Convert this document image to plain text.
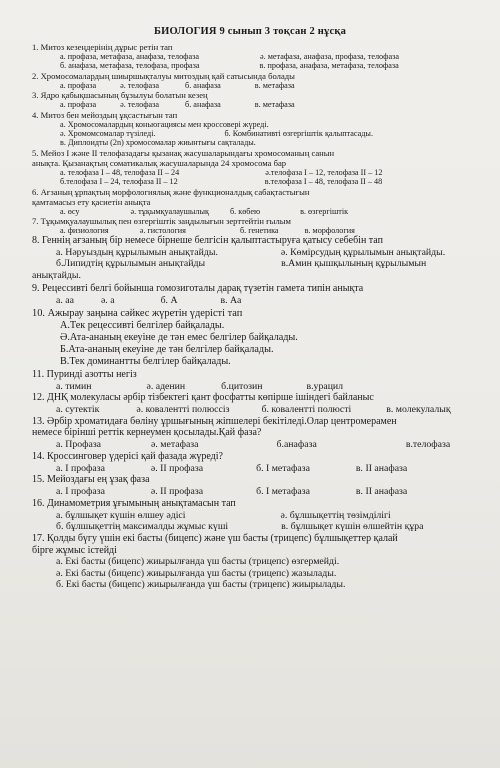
БИОЛОГИЯ 9 сынып 3 тоқсан 2 нұсқа
1. Митоз кезеңдерінің дұрыс ретін тап
а. профаза, метафаза, анафаза, телофаза	ә. метафаза, анафаза, профаза, телофаза
б. анафаза, метафаза, телофаза, профаза	в. профаза, анафаза, метафаза, телофаза
2. Хромосомалардың шиыршықталуы митоздың қай сатысында болады
а. профаза	ә. телофаза	б. анафаза	в. метафаза
3. Ядро қабықшасының бұзылуы болатын кезең
а. профаза	ә. телофаза	б. анафаза	в. метафаза
4. Митоз бен мейоздың ұқсастығын тап
а. Хромосомалардың коньюгациясы мен кроссовері жүреді.
ә. Хромомсомалар түзіледі.	б. Комбинативті өзгергіштік қалыптасады.
в. Диплоидты (2n) хромосомалар жиынтығы сақталады.
5. Мейоз І және ІІ телофазадағы қызанақ жасушаларындағы хромосоманың санын
анықта. Қызанақтың соматикалық жасушаларында 24 хромосома бар
а. телофаза І – 48, телофаза ІІ – 24	ә.телофаза І – 12, телофаза ІІ – 12
б.телофаза І – 24, телофаза ІІ – 12	в.телофаза І – 48, телофаза ІІ – 48
6. Ағзаның ұрпақтың морфологиялық және функционалдық сабақтастығын
қамтамасыз ету қасиетін анықта
а. өсу	ә. тұқымқуалаушылық	б. көбею	в. өзгергіштік
7. Тұқымқуалаушылық пен өзгергіштік заңдылығын зерттейтін ғылым
а. физиология	ә. гистология	б. генетика	в. морфология
8. Геннің ағзаның бір немесе бірнеше белгісін қалыптастыруға қатысу себебін тап
а. Нәруыздың құрылымын анықтайды.	ә. Көмірсудың құрылымын анықтайды.
б.Липидтің құрылымын анықтайды	в.Амин қышқылының құрылымын
анықтайды.
9. Рецессивті белгі бойынша гомозиготалы дарақ түзетін гамета типін анықта
а. аа	ә. а	б. А	в. Аа
10. Ажырау заңына сәйкес жүретін үдерісті тап
А.Тек рецессивті белгілер байқалады.
Ә.Ата-ананың екеуіне де тән емес белгілер байқалады.
Б.Ата-ананың екеуіне де тән белгілер байқалады.
В.Тек доминантты белгілер байқалады.
11. Пуринді азотты негіз
а. тимин	ә. аденин	б.цитозин	в.урацил
12. ДНҚ молекуласы әрбір тізбектегі қант фосфатты көпірше ішіндегі байланыс
а. сутектік	ә. коваленттi полюссiз	б. коваленттi полюстi	в. молекулалық
13. Әрбір хроматидаға бөліну ұршығының жіпшелері бекітіледі.Олар центромерамен
немесе бірінші реттік кернеумен қосылады.Қай фаза?
а. Профаза	ә. метафаза	б.анафаза	в.телофаза
14. Кроссинговер үдерісі қай фазада жүреді?
а. І профаза	ә. ІІ профаза	б. І метафаза	в. ІІ анафаза
15. Мейоздағы ең ұзақ фаза
а. І профаза	ә. ІІ профаза	б. І метафаза	в. ІІ анафаза
16. Динамометрия ұғымының анықтамасын тап
а. бұлшықет күшін өлшеу әдісі	ә. бұлшықеттің төзімділігі
б. бұлшықеттің максималды жұмыс күші	в. бұлшықет күшін өлшейтін құра
17. Қолды бүгу үшін екі басты (бицепс) және үш басты (трицепс) бұлшықеттер қалай
бірге жұмыс істейді
а. Екі басты (бицепс) жиырылғанда үш басты (трицепс) өзгермейді.
ә. Екі басты (бицепс) жиырылғанда үш басты (трицепс) жазылады.
б. Екі басты (бицепс) жиырылғанда үш басты (трицепс) жиырылады.
